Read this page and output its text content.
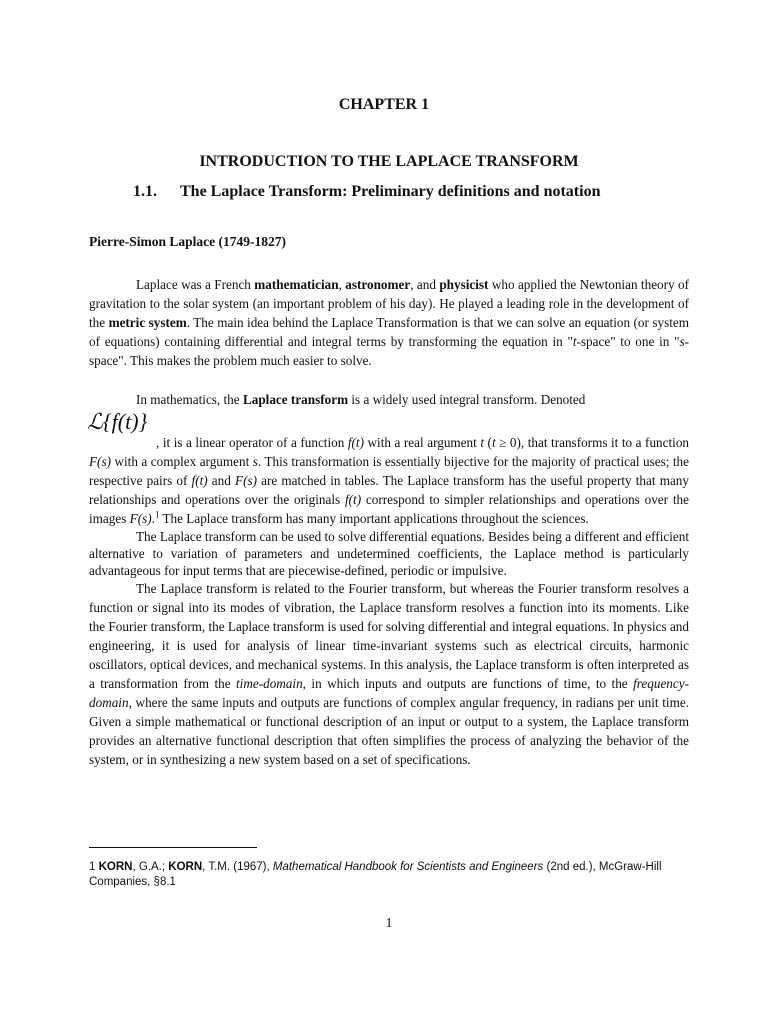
CHAPTER 1
INTRODUCTION TO THE LAPLACE TRANSFORM
1.1. The Laplace Transform: Preliminary definitions and notation
Pierre-Simon Laplace (1749-1827)

Laplace was a French mathematician, astronomer, and physicist who applied the Newtonian theory of gravitation to the solar system (an important problem of his day). He played a leading role in the development of the metric system. The main idea behind the Laplace Transformation is that we can solve an equation (or system of equations) containing differential and integral terms by transforming the equation in "t-space" to one in "s-space". This makes the problem much easier to solve.

In mathematics, the Laplace transform is a widely used integral transform. Denoted

ℒ{f(t)}
, it is a linear operator of a function f(t) with a real argument t (t ≥ 0), that transforms it to a function F(s) with a complex argument s. This transformation is essentially bijective for the majority of practical uses; the respective pairs of f(t) and F(s) are matched in tables. The Laplace transform has the useful property that many relationships and operations over the originals f(t) correspond to simpler relationships and operations over the images F(s).$^1$ The Laplace transform has many important applications throughout the sciences.

The Laplace transform can be used to solve differential equations. Besides being a different and efficient alternative to variation of parameters and undetermined coefficients, the Laplace method is particularly advantageous for input terms that are piecewise-defined, periodic or impulsive.

The Laplace transform is related to the Fourier transform, but whereas the Fourier transform resolves a function or signal into its modes of vibration, the Laplace transform resolves a function into its moments. Like the Fourier transform, the Laplace transform is used for solving differential and integral equations. In physics and engineering, it is used for analysis of linear time-invariant systems such as electrical circuits, harmonic oscillators, optical devices, and mechanical systems. In this analysis, the Laplace transform is often interpreted as a transformation from the time-domain, in which inputs and outputs are functions of time, to the frequency-domain, where the same inputs and outputs are functions of complex angular frequency, in radians per unit time. Given a simple mathematical or functional description of an input or output to a system, the Laplace transform provides an alternative functional description that often simplifies the process of analyzing the behavior of the system, or in synthesizing a new system based on a set of specifications.

1 KORN, G.A.; KORN, T.M. (1967), Mathematical Handbook for Scientists and Engineers (2nd ed.), McGraw-Hill Companies, §8.1
1
